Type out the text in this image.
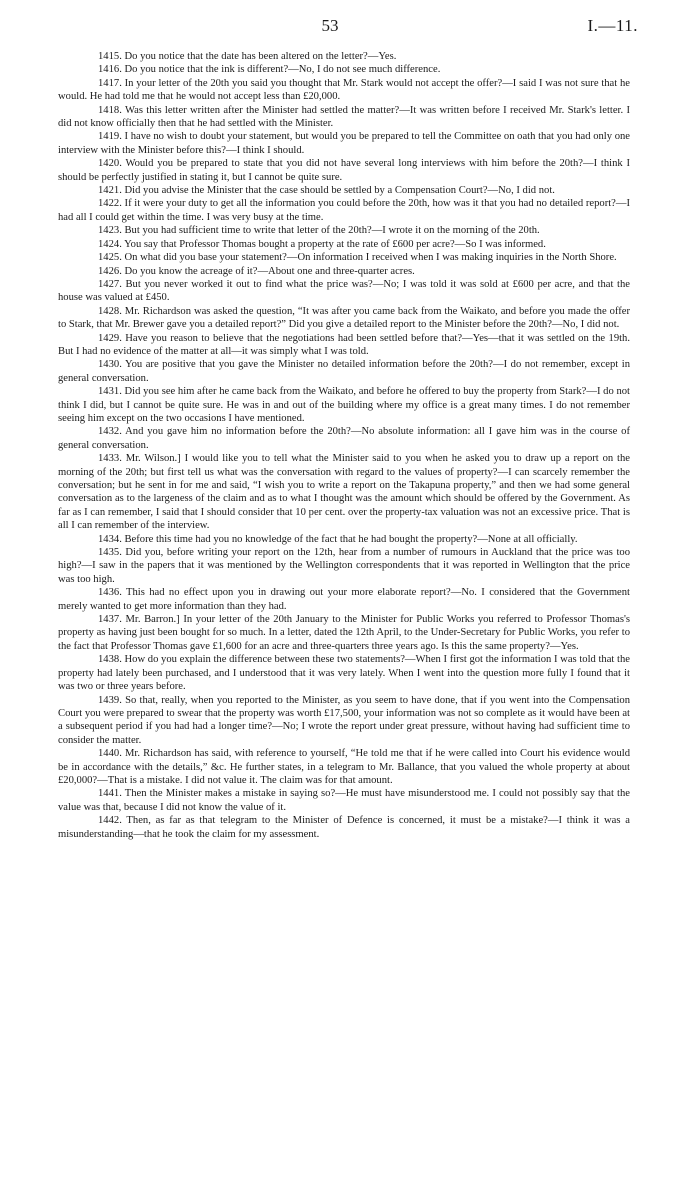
53	I.—11.

1415. Do you notice that the date has been altered on the letter?—Yes.

1416. Do you notice that the ink is different?—No, I do not see much difference.

1417. In your letter of the 20th you said you thought that Mr. Stark would not accept the offer?—I said I was not sure that he would. He had told me that he would not accept less than £20,000.

1418. Was this letter written after the Minister had settled the matter?—It was written before I received Mr. Stark's letter. I did not know officially then that he had settled with the Minister.

1419. I have no wish to doubt your statement, but would you be prepared to tell the Committee on oath that you had only one interview with the Minister before this?—I think I should.

1420. Would you be prepared to state that you did not have several long interviews with him before the 20th?—I think I should be perfectly justified in stating it, but I cannot be quite sure.

1421. Did you advise the Minister that the case should be settled by a Compensation Court?—No, I did not.

1422. If it were your duty to get all the information you could before the 20th, how was it that you had no detailed report?—I had all I could get within the time. I was very busy at the time.

1423. But you had sufficient time to write that letter of the 20th?—I wrote it on the morning of the 20th.

1424. You say that Professor Thomas bought a property at the rate of £600 per acre?—So I was informed.

1425. On what did you base your statement?—On information I received when I was making inquiries in the North Shore.

1426. Do you know the acreage of it?—About one and three-quarter acres.

1427. But you never worked it out to find what the price was?—No; I was told it was sold at £600 per acre, and that the house was valued at £450.

1428. Mr. Richardson was asked the question, “It was after you came back from the Waikato, and before you made the offer to Stark, that Mr. Brewer gave you a detailed report?” Did you give a detailed report to the Minister before the 20th?—No, I did not.

1429. Have you reason to believe that the negotiations had been settled before that?—Yes—that it was settled on the 19th. But I had no evidence of the matter at all—it was simply what I was told.

1430. You are positive that you gave the Minister no detailed information before the 20th?—I do not remember, except in general conversation.

1431. Did you see him after he came back from the Waikato, and before he offered to buy the property from Stark?—I do not think I did, but I cannot be quite sure. He was in and out of the building where my office is a great many times. I do not remember seeing him except on the two occasions I have mentioned.

1432. And you gave him no information before the 20th?—No absolute information: all I gave him was in the course of general conversation.

1433. Mr. Wilson.] I would like you to tell what the Minister said to you when he asked you to draw up a report on the morning of the 20th; but first tell us what was the conversation with regard to the values of property?—I can scarcely remember the conversation; but he sent in for me and said, “I wish you to write a report on the Takapuna property,” and then we had some general conversation as to the largeness of the claim and as to what I thought was the amount which should be offered by the Government. As far as I can remember, I said that I should consider that 10 per cent. over the property-tax valuation was not an excessive price. That is all I can remember of the interview.

1434. Before this time had you no knowledge of the fact that he had bought the property?—None at all officially.

1435. Did you, before writing your report on the 12th, hear from a number of rumours in Auckland that the price was too high?—I saw in the papers that it was mentioned by the Wellington correspondents that it was reported in Wellington that the price was too high.

1436. This had no effect upon you in drawing out your more elaborate report?—No. I considered that the Government merely wanted to get more information than they had.

1437. Mr. Barron.] In your letter of the 20th January to the Minister for Public Works you referred to Professor Thomas's property as having just been bought for so much. In a letter, dated the 12th April, to the Under-Secretary for Public Works, you refer to the fact that Professor Thomas gave £1,600 for an acre and three-quarters three years ago. Is this the same property?—Yes.

1438. How do you explain the difference between these two statements?—When I first got the information I was told that the property had lately been purchased, and I understood that it was very lately. When I went into the question more fully I found that it was two or three years before.

1439. So that, really, when you reported to the Minister, as you seem to have done, that if you went into the Compensation Court you were prepared to swear that the property was worth £17,500, your information was not so complete as it would have been at a subsequent period if you had had a longer time?—No; I wrote the report under great pressure, without having had sufficient time to consider the matter.

1440. Mr. Richardson has said, with reference to yourself, “He told me that if he were called into Court his evidence would be in accordance with the details,” &c. He further states, in a telegram to Mr. Ballance, that you valued the whole property at about £20,000?—That is a mistake. I did not value it. The claim was for that amount.

1441. Then the Minister makes a mistake in saying so?—He must have misunderstood me. I could not possibly say that the value was that, because I did not know the value of it.

1442. Then, as far as that telegram to the Minister of Defence is concerned, it must be a mistake?—I think it was a misunderstanding—that he took the claim for my assessment.
